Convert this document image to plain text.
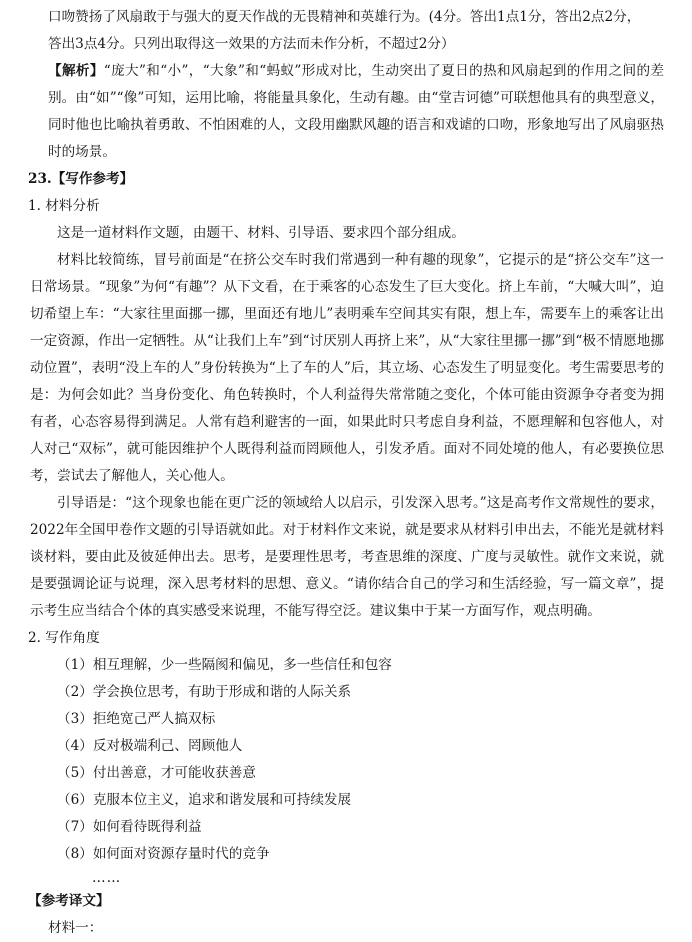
口吻赞扬了风扇敢于与强大的夏天作战的无畏精神和英雄行为。(4分。答出1点1分，答出2点2分，

答出3点4分。只列出取得这一效果的方法而未作分析，不超过2分）

【解析】“庞大”和“小”，“大象”和“蚂蚁”形成对比，生动突出了夏日的热和风扇起到的作用之间的差别。由“如”“像”可知，运用比喻，将能量具象化，生动有趣。由“堂吉诃德”可联想他具有的典型意义，同时他也比喻执着勇敢、不怕困难的人，文段用幽默风趣的语言和戏谑的口吻，形象地写出了风扇驱热时的场景。

23.【写作参考】

1. 材料分析

这是一道材料作文题，由题干、材料、引导语、要求四个部分组成。

材料比较简练，冒号前面是“在挤公交车时我们常遇到一种有趣的现象”，它提示的是“挤公交车”这一日常场景。“现象”为何“有趣”？从下文看，在于乘客的心态发生了巨大变化。挤上车前，“大喊大叫”，迫切希望上车：“大家往里面挪一挪，里面还有地儿”表明乘车空间其实有限，想上车，需要车上的乘客让出一定资源，作出一定牺牲。从“让我们上车”到“讨厌别人再挤上来”，从“大家往里挪一挪”到“极不情愿地挪动位置”，表明“没上车的人”身份转换为“上了车的人”后，其立场、心态发生了明显变化。考生需要思考的是：为何会如此？当身份变化、角色转换时，个人利益得失常常随之变化，个体可能由资源争夺者变为拥有者，心态容易得到满足。人常有趋利避害的一面，如果此时只考虑自身利益，不愿理解和包容他人，对人对己“双标”，就可能因维护个人既得利益而罔顾他人，引发矛盾。面对不同处境的他人，有必要换位思考，尝试去了解他人，关心他人。

引导语是：“这个现象也能在更广泛的领域给人以启示，引发深入思考。”这是高考作文常规性的要求，2022年全国甲卷作文题的引导语就如此。对于材料作文来说，就是要求从材料引申出去，不能光是就材料谈材料，要由此及彼延伸出去。思考，是要理性思考，考查思维的深度、广度与灵敏性。就作文来说，就是要强调论证与说理，深入思考材料的思想、意义。“请你结合自己的学习和生活经验，写一篇文章”，提示考生应当结合个体的真实感受来说理，不能写得空泛。建议集中于某一方面写作，观点明确。

2. 写作角度

（1）相互理解，少一些隔阂和偏见，多一些信任和包容

（2）学会换位思考，有助于形成和谐的人际关系

（3）拒绝宽己严人搞双标

（4）反对极端利己、罔顾他人

（5）付出善意，才可能收获善意

（6）克服本位主义，追求和谐发展和可持续发展

（7）如何看待既得利益

（8）如何面对资源存量时代的竞争

……

【参考译文】

材料一：
